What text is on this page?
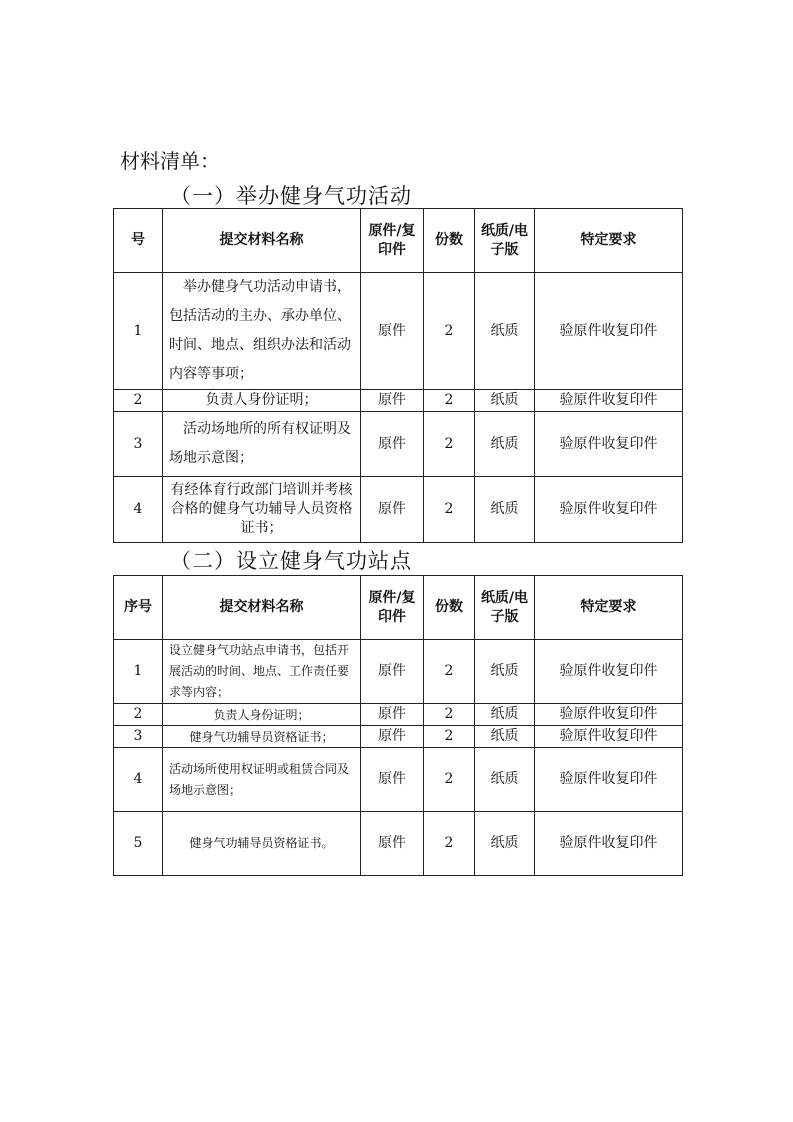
材料清单：
（一）举办健身气功活动
号	提交材料名称	原件/复印件	份数	纸质/电子版	特定要求
1	　举办健身气功活动申请书，包括活动的主办、承办单位、时间、地点、组织办法和活动内容等事项；	原件	2	纸质	验原件收复印件
2	负责人身份证明；	原件	2	纸质	验原件收复印件
3	　活动场地所的所有权证明及场地示意图；	原件	2	纸质	验原件收复印件
4	有经体育行政部门培训并考核合格的健身气功辅导人员资格证书；	原件	2	纸质	验原件收复印件
（二）设立健身气功站点
序号	提交材料名称	原件/复印件	份数	纸质/电子版	特定要求
1	设立健身气功站点申请书，包括开展活动的时间、地点、工作责任要求等内容；	原件	2	纸质	验原件收复印件
2	负责人身份证明；	原件	2	纸质	验原件收复印件
3	健身气功辅导员资格证书；	原件	2	纸质	验原件收复印件
4	活动场所使用权证明或租赁合同及场地示意图；	原件	2	纸质	验原件收复印件
5	健身气功辅导员资格证书。	原件	2	纸质	验原件收复印件
